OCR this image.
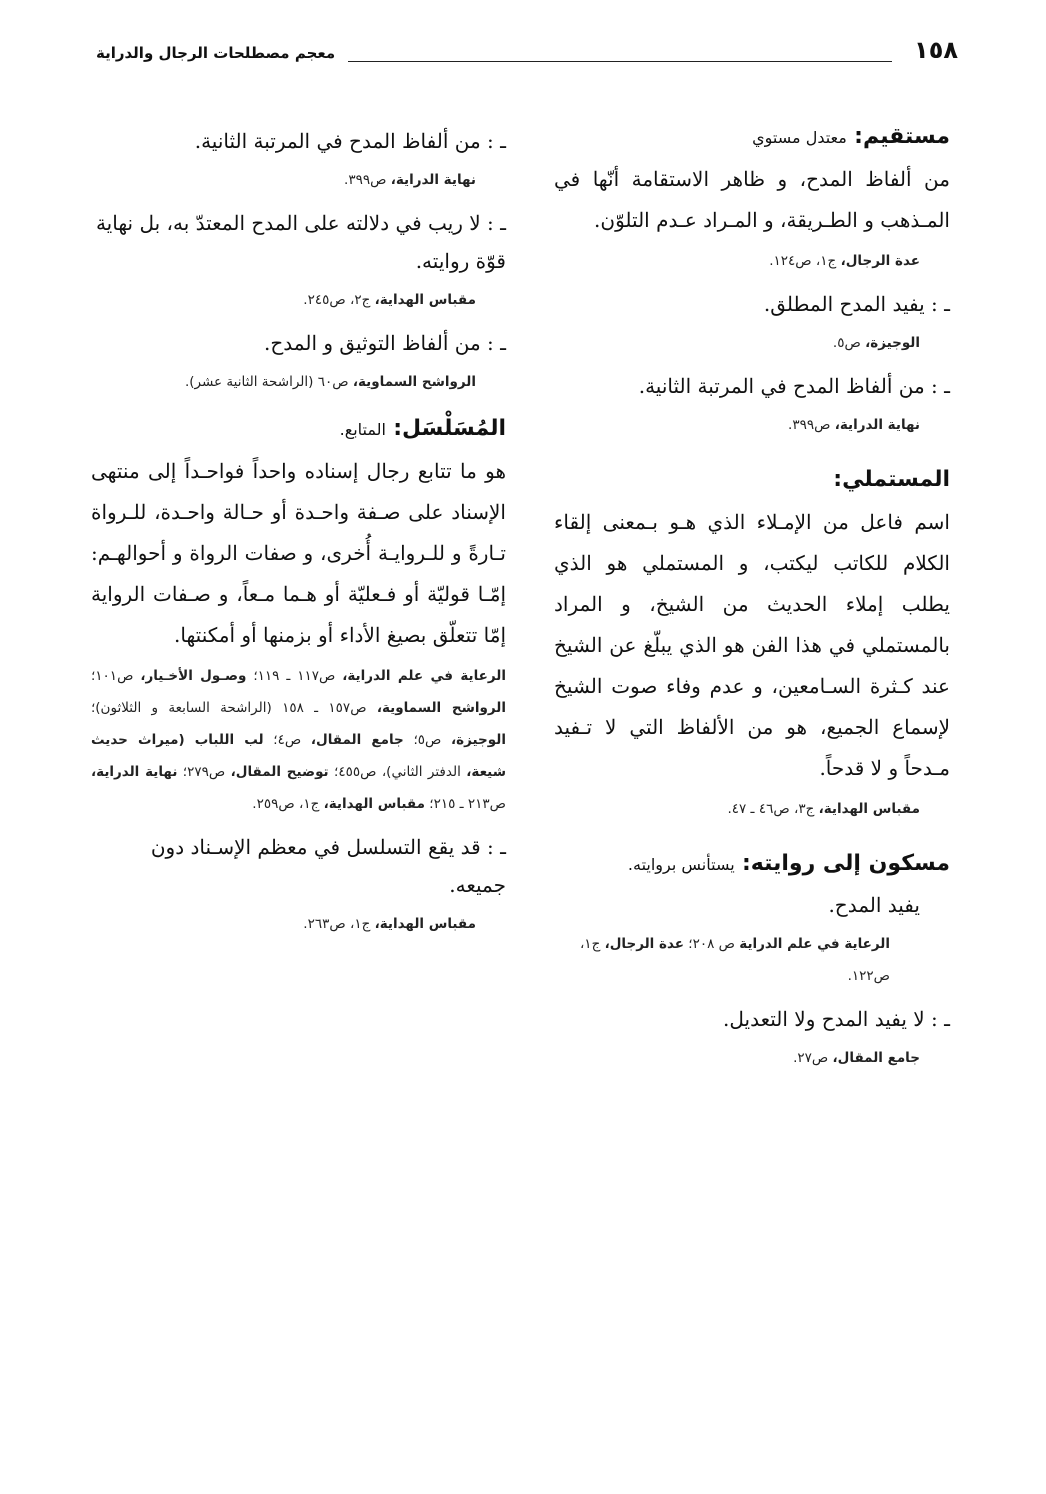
١٥٨
معجم مصطلحات الرجال والدراية
مستقيم: معتدل مستوي

من ألفاظ المدح، و ظاهر الاستقامة أنّها في المـذهب و الطـريقة، و المـراد عـدم التلوّن.

عدة الرجال، ج١، ص١٢٤.
ـ : يفيد المدح المطلق.
الوجيزة، ص٥.
ـ : من ألفاظ المدح في المرتبة الثانية.
نهاية الدراية، ص٣٩٩.
المستملي:

اسم فاعل من الإمـلاء الذي هـو بـمعنى إلقاء الكلام للكاتب ليكتب، و المستملي هو الذي يطلب إملاء الحديث من الشيخ، و المراد بالمستملي في هذا الفن هو الذي يبلّغ عن الشيخ عند كـثرة السـامعين، و عدم وفاء صوت الشيخ لإسماع الجميع، هو من الألفاظ التي لا تـفيد مـدحاً و لا قدحاً.

مقباس الهداية، ج٣، ص٤٦ ـ ٤٧.
مسكون إلى روايته: يستأنس بروايته.
يفيد المدح.
الرعاية في علم الدراية ص ٢٠٨؛ عدة الرجال، ج١، ص١٢٢.
ـ : لا يفيد المدح ولا التعديل.
جامع المقال، ص٢٧.
ـ : من ألفاظ المدح في المرتبة الثانية.
نهاية الدراية، ص٣٩٩.
ـ : لا ريب في دلالته على المدح المعتدّ به، بل نهاية قوّة روايته.
مقباس الهداية، ج٢، ص٢٤٥.
ـ : من ألفاظ التوثيق و المدح.
الرواشح السماوية، ص٦٠ (الراشحة الثانية عشر).
المُسَلْسَل: المتابع.

هو ما تتابع رجال إسناده واحداً فواحـداً إلى منتهى الإسناد على صـفة واحـدة أو حـالة واحـدة، للـرواة تـارةً و للـروايـة أُخرى، و صفات الرواة و أحوالهـم: إمّـا قوليّة أو فـعليّة أو هـما مـعاً، و صـفات الرواية إمّا تتعلّق بصيغ الأداء أو بزمنها أو أمكنتها.

الرعاية في علم الدراية، ص١١٧ ـ ١١٩؛ وصـول الأخـيار، ص١٠١؛ الرواشح السماوية، ص١٥٧ ـ ١٥٨ (الراشحة السابعة و الثلاثون)؛ الوجيزة، ص٥؛ جامع المقال، ص٤؛ لب اللباب (ميراث حديث شيعة، الدفتر الثاني)، ص٤٥٥؛ توضيح المقال، ص٢٧٩؛ نهاية الدراية، ص٢١٣ ـ ٢١٥؛ مقباس الهداية، ج١، ص٢٥٩.
ـ : قد يقع التسلسل في معظم الإسـناد دون جميعه.
مقباس الهداية، ج١، ص٢٦٣.
